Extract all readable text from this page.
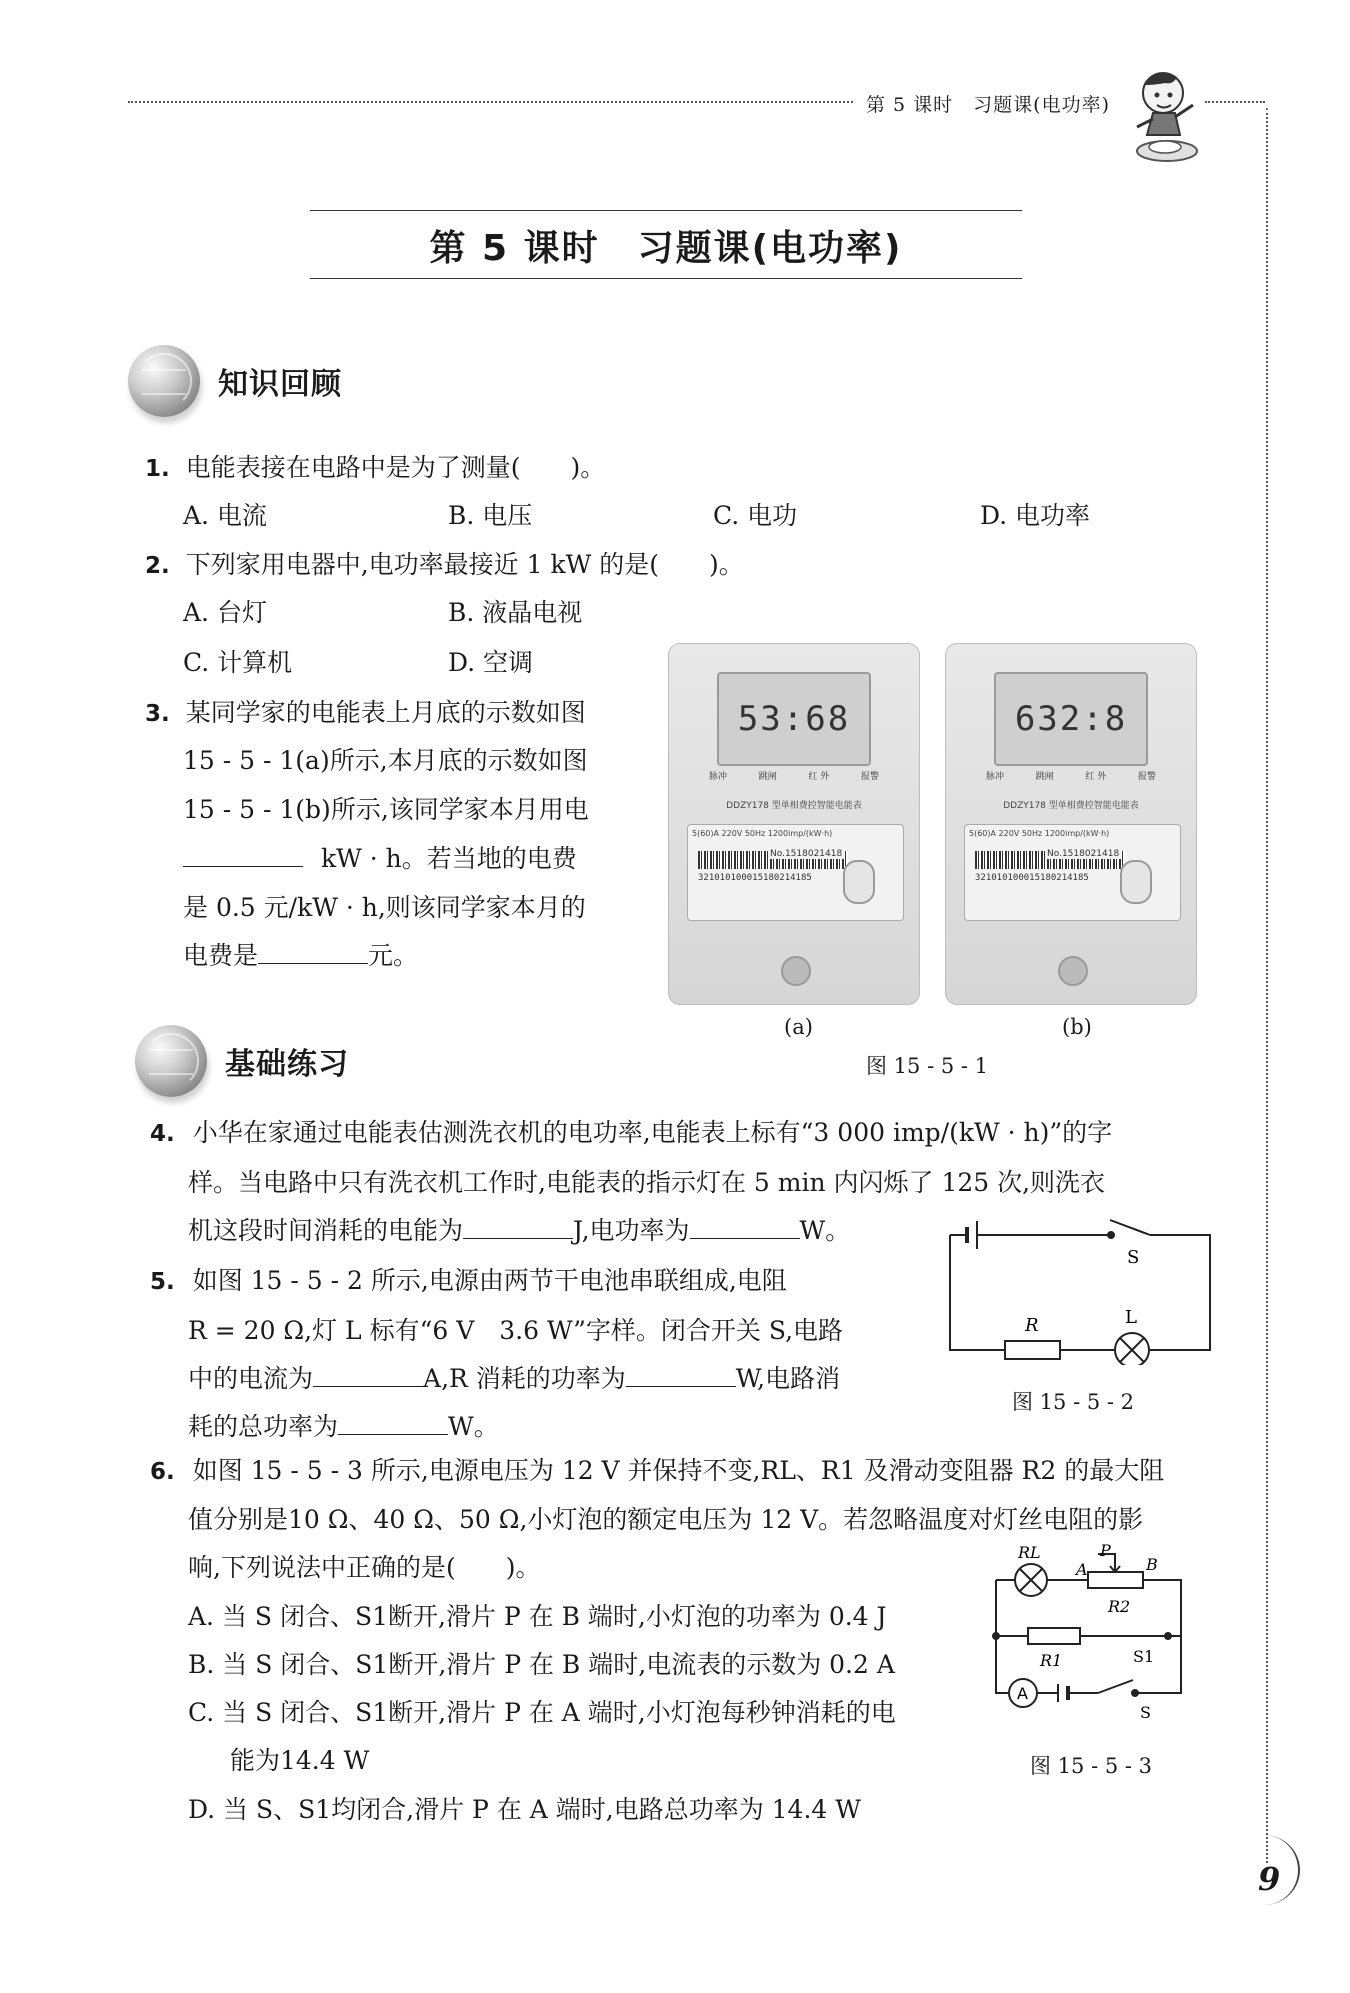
第 5 课时　习题课(电功率)
第 5 课时　习题课(电功率)
知识回顾
1. 电能表接在电路中是为了测量(　　)。
A. 电流	B. 电压	C. 电功	D. 电功率
2. 下列家用电器中,电功率最接近 1 kW 的是(　　)。
A. 台灯	B. 液晶电视
C. 计算机	D. 空调
3. 某同学家的电能表上月底的示数如图
15 - 5 - 1(a)所示,本月底的示数如图
15 - 5 - 1(b)所示,该同学家本月用电
kW · h。若当地的电费
是 0.5 元/kW · h,则该同学家本月的
电费是	元。
53:68
脉冲	跳闸	红 外	报警
DDZY178 型单相费控智能电能表
5(60)A 220V 50Hz 1200imp/(kW·h)
No.1518021418
321010100015180214185
(a)
632:8
脉冲	跳闸	红 外	报警
DDZY178 型单相费控智能电能表
5(60)A 220V 50Hz 1200imp/(kW·h)
No.1518021418
321010100015180214185
(b)
图 15 - 5 - 1
基础练习
4. 小华在家通过电能表估测洗衣机的电功率,电能表上标有“3 000 imp/(kW · h)”的字
样。当电路中只有洗衣机工作时,电能表的指示灯在 5 min 内闪烁了 125 次,则洗衣
机这段时间消耗的电能为	J,电功率为	W。
5. 如图 15 - 5 - 2 所示,电源由两节干电池串联组成,电阻
R = 20 Ω,灯 L 标有“6 V　3.6 W”字样。闭合开关 S,电路
中的电流为	A,R 消耗的功率为	W,电路消
耗的总功率为	W。
S
R	L
图 15 - 5 - 2
6. 如图 15 - 5 - 3 所示,电源电压为 12 V 并保持不变,RL、R1 及滑动变阻器 R2 的最大阻
值分别是10 Ω、40 Ω、50 Ω,小灯泡的额定电压为 12 V。若忽略温度对灯丝电阻的影
响,下列说法中正确的是(　　)。
A. 当 S 闭合、S1断开,滑片 P 在 B 端时,小灯泡的功率为 0.4 J
B. 当 S 闭合、S1断开,滑片 P 在 B 端时,电流表的示数为 0.2 A
C. 当 S 闭合、S1断开,滑片 P 在 A 端时,小灯泡每秒钟消耗的电
能为14.4 W
D. 当 S、S1均闭合,滑片 P 在 A 端时,电路总功率为 14.4 W
RL
A
P
B
R2
R1	S1
S
A
图 15 - 5 - 3
9
